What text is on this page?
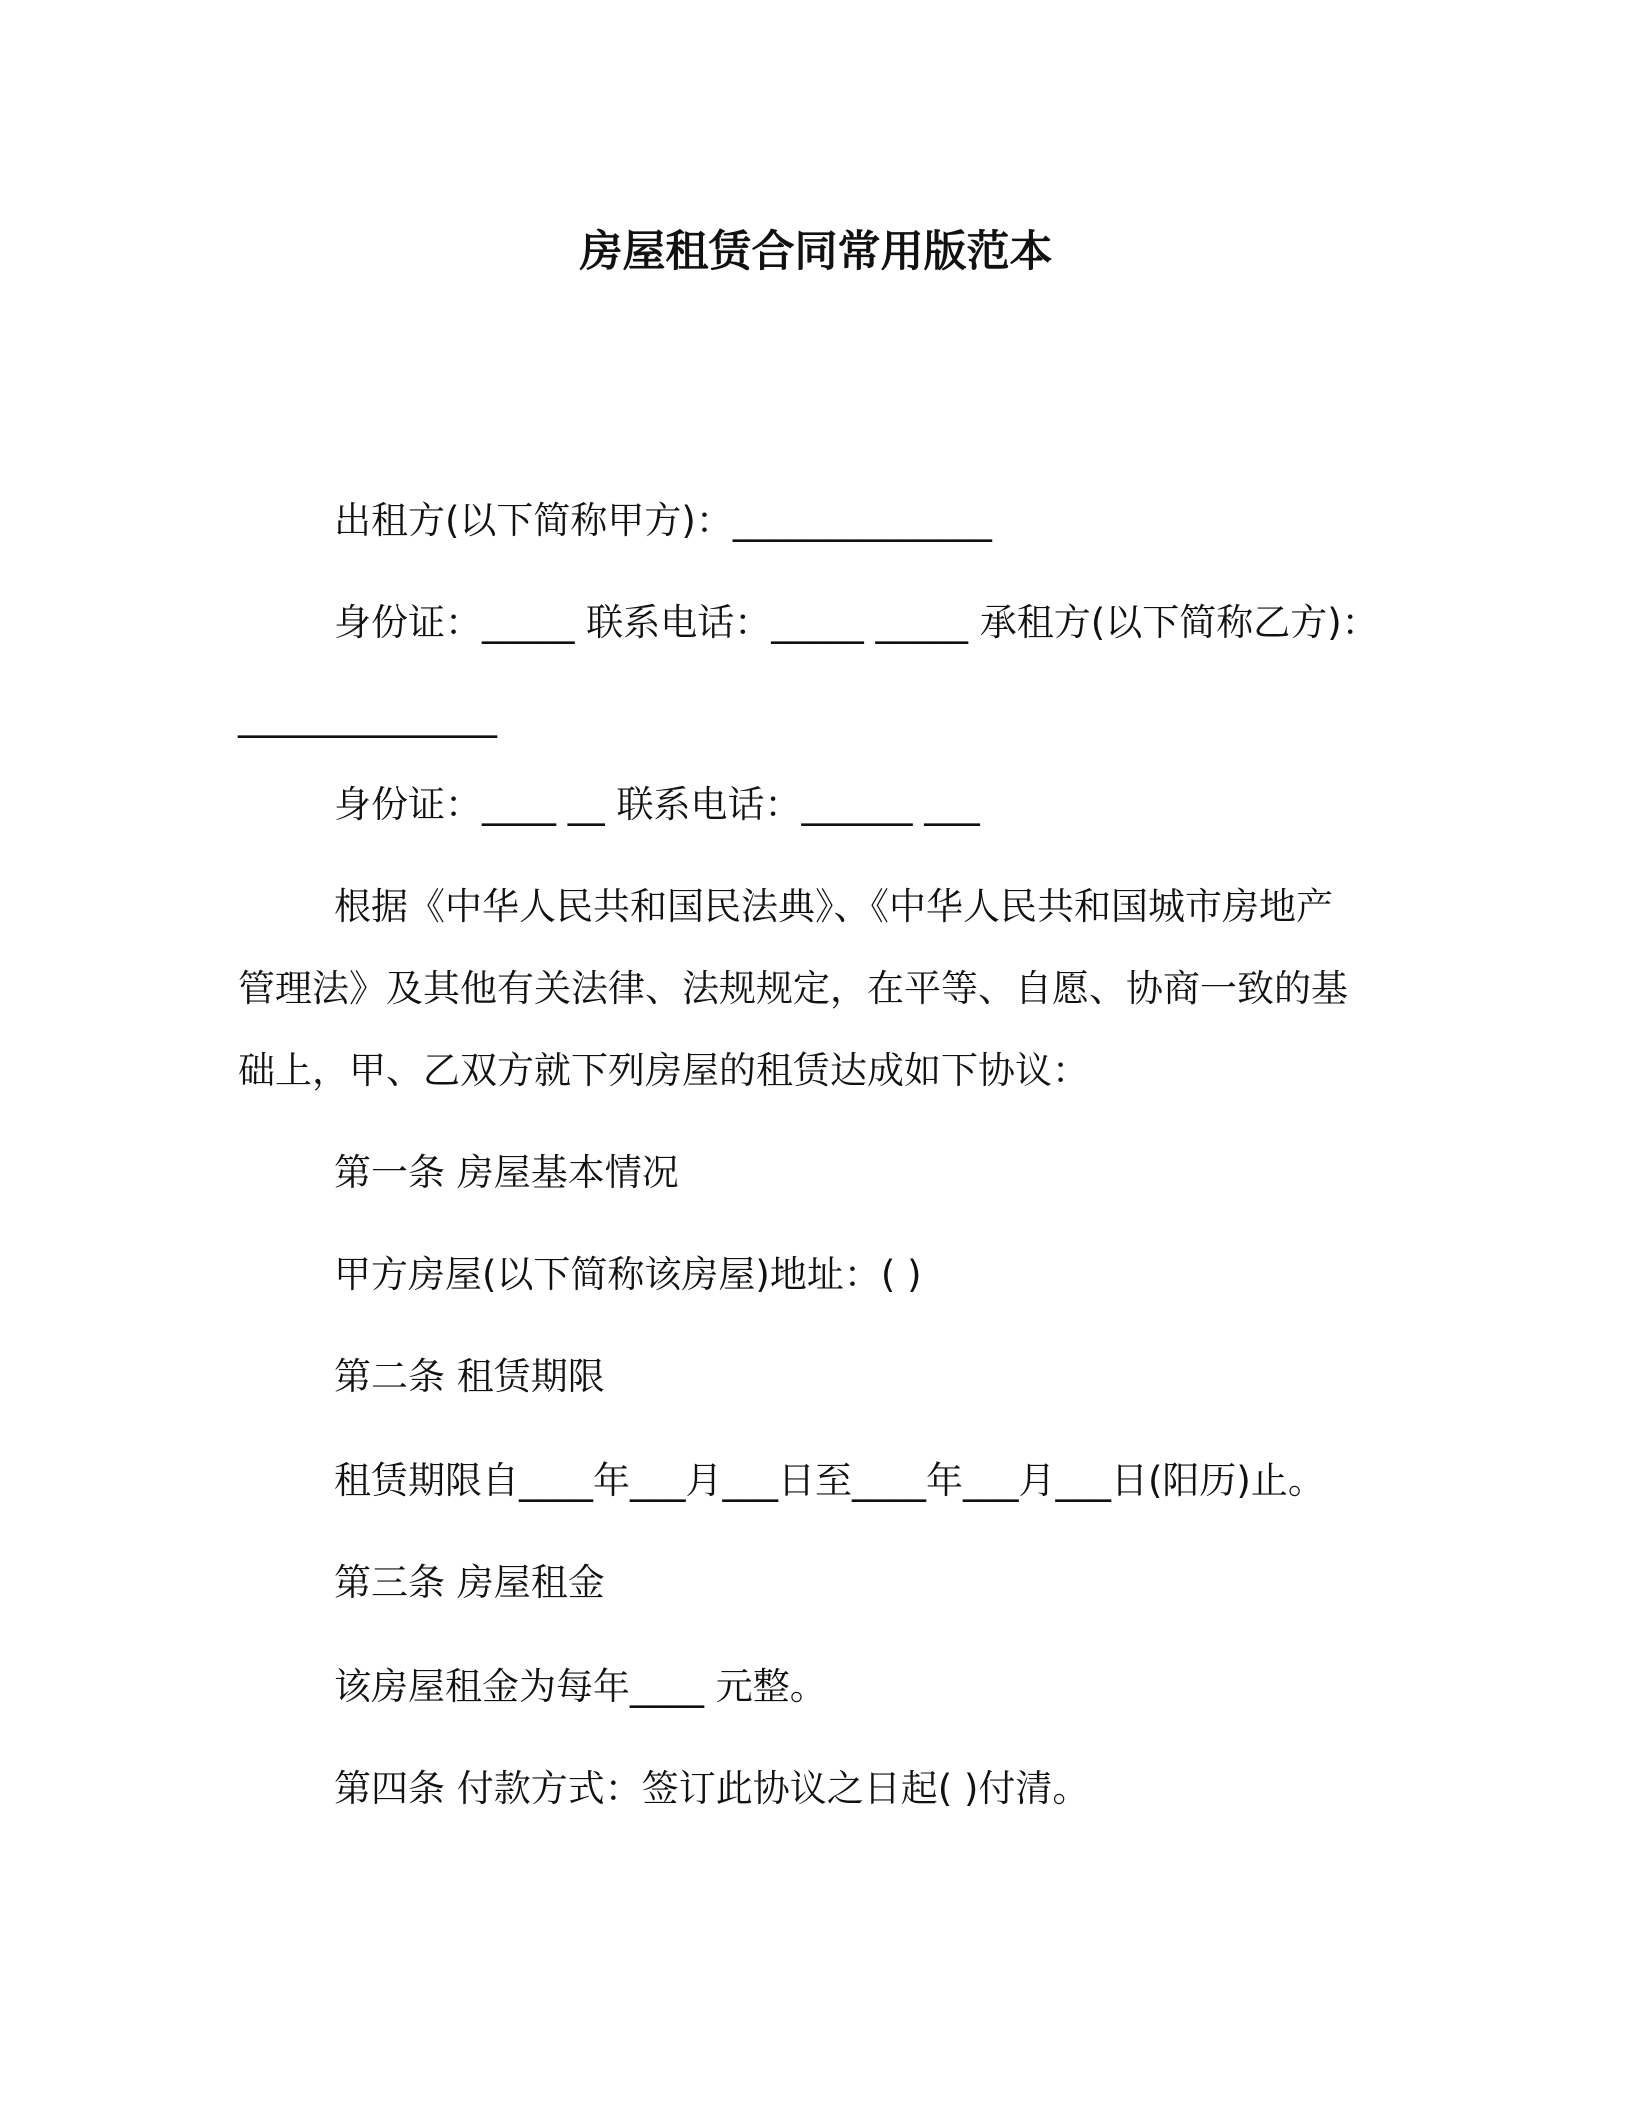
房屋租赁合同常用版范本
出租方(以下简称甲方)：______________
身份证：_____ 联系电话：_____ _____ 承租方(以下简称乙方)：
______________
身份证：____ __ 联系电话：______ ___
根据《中华人民共和国民法典》、《中华人民共和国城市房地产
管理法》及其他有关法律、法规规定，在平等、自愿、协商一致的基
础上，甲、乙双方就下列房屋的租赁达成如下协议：
第一条 房屋基本情况
甲方房屋(以下简称该房屋)地址：( )
第二条 租赁期限
租赁期限自____年___月___日至____年___月___日(阳历)止。
第三条 房屋租金
该房屋租金为每年____ 元整。
第四条 付款方式：签订此协议之日起( )付清。
